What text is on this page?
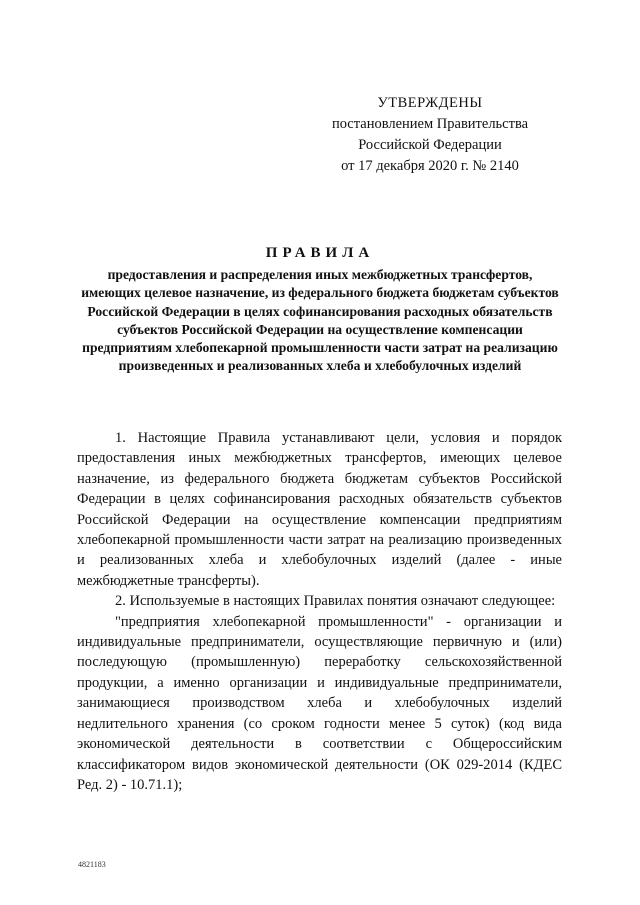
УТВЕРЖДЕНЫ
постановлением Правительства
Российской Федерации
от 17 декабря 2020 г. № 2140
ПРАВИЛА
предоставления и распределения иных межбюджетных трансфертов, имеющих целевое назначение, из федерального бюджета бюджетам субъектов Российской Федерации в целях софинансирования расходных обязательств субъектов Российской Федерации на осуществление компенсации предприятиям хлебопекарной промышленности части затрат на реализацию произведенных и реализованных хлеба и хлебобулочных изделий

1. Настоящие Правила устанавливают цели, условия и порядок предоставления иных межбюджетных трансфертов, имеющих целевое назначение, из федерального бюджета бюджетам субъектов Российской Федерации в целях софинансирования расходных обязательств субъектов Российской Федерации на осуществление компенсации предприятиям хлебопекарной промышленности части затрат на реализацию произведенных и реализованных хлеба и хлебобулочных изделий (далее - иные межбюджетные трансферты).

2. Используемые в настоящих Правилах понятия означают следующее:

"предприятия хлебопекарной промышленности" - организации и индивидуальные предприниматели, осуществляющие первичную и (или) последующую (промышленную) переработку сельскохозяйственной продукции, а именно организации и индивидуальные предприниматели, занимающиеся производством хлеба и хлебобулочных изделий недлительного хранения (со сроком годности менее 5 суток) (код вида экономической деятельности в соответствии с Общероссийским классификатором видов экономической деятельности (ОК 029-2014 (КДЕС Ред. 2) - 10.71.1);

4821183
